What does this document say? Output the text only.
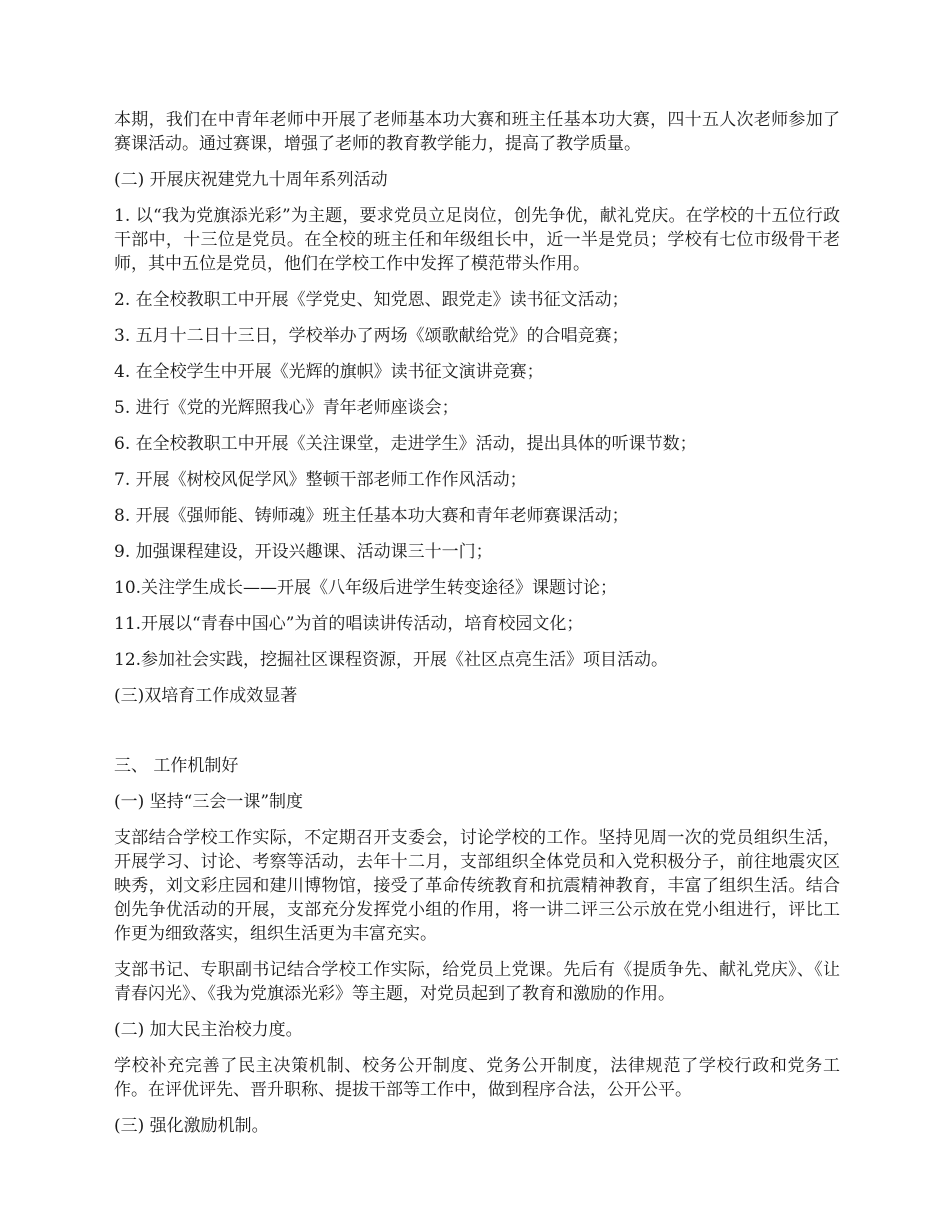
本期，我们在中青年老师中开展了老师基本功大赛和班主任基本功大赛，四十五人次老师参加了赛课活动。通过赛课，增强了老师的教育教学能力，提高了教学质量。

(二) 开展庆祝建党九十周年系列活动

1. 以“我为党旗添光彩”为主题，要求党员立足岗位，创先争优，献礼党庆。在学校的十五位行政干部中，十三位是党员。在全校的班主任和年级组长中，近一半是党员；学校有七位市级骨干老师，其中五位是党员，他们在学校工作中发挥了模范带头作用。

2. 在全校教职工中开展《学党史、知党恩、跟党走》读书征文活动；

3. 五月十二日十三日，学校举办了两场《颂歌献给党》的合唱竞赛；

4. 在全校学生中开展《光辉的旗帜》读书征文演讲竞赛；

5. 进行《党的光辉照我心》青年老师座谈会；

6. 在全校教职工中开展《关注课堂，走进学生》活动，提出具体的听课节数；

7. 开展《树校风促学风》整顿干部老师工作作风活动；

8. 开展《强师能、铸师魂》班主任基本功大赛和青年老师赛课活动；

9. 加强课程建设，开设兴趣课、活动课三十一门；

10.关注学生成长——开展《八年级后进学生转变途径》课题讨论；

11.开展以“青春中国心”为首的唱读讲传活动，培育校园文化；

12.参加社会实践，挖掘社区课程资源，开展《社区点亮生活》项目活动。

(三)双培育工作成效显著

三、 工作机制好

(一) 坚持“三会一课”制度

支部结合学校工作实际，不定期召开支委会，讨论学校的工作。坚持见周一次的党员组织生活，开展学习、讨论、考察等活动，去年十二月，支部组织全体党员和入党积极分子，前往地震灾区映秀，刘文彩庄园和建川博物馆，接受了革命传统教育和抗震精神教育，丰富了组织生活。结合创先争优活动的开展，支部充分发挥党小组的作用，将一讲二评三公示放在党小组进行，评比工作更为细致落实，组织生活更为丰富充实。

支部书记、专职副书记结合学校工作实际，给党员上党课。先后有《提质争先、献礼党庆》、《让青春闪光》、《我为党旗添光彩》等主题，对党员起到了教育和激励的作用。

(二) 加大民主治校力度。

学校补充完善了民主决策机制、校务公开制度、党务公开制度，法律规范了学校行政和党务工作。在评优评先、晋升职称、提拔干部等工作中，做到程序合法，公开公平。

(三) 强化激励机制。
